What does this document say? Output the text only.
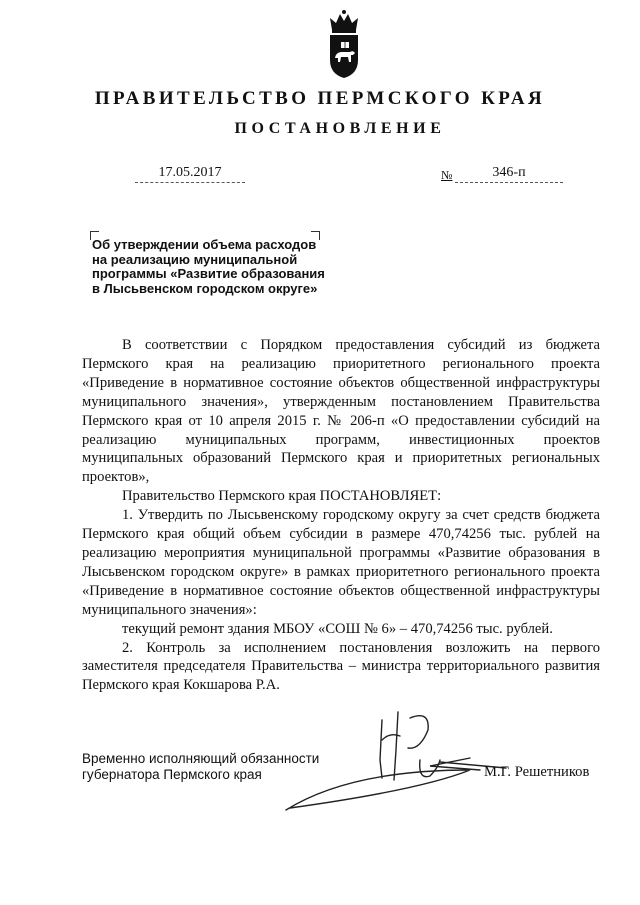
ПРАВИТЕЛЬСТВО ПЕРМСКОГО КРАЯ
ПОСТАНОВЛЕНИЕ
17.05.2017	№	346-п
Об утверждении объема расходов
на реализацию муниципальной
программы «Развитие образования
в Лысьвенском городском округе»

В соответствии с Порядком предоставления субсидий из бюджета Пермского края на реализацию приоритетного регионального проекта «Приведение в нормативное состояние объектов общественной инфраструктуры муниципального значения», утвержденным постановлением Правительства Пермского края от 10 апреля 2015 г. № 206-п «О предоставлении субсидий на реализацию муниципальных программ, инвестиционных проектов муниципальных образований Пермского края и приоритетных региональных проектов»,

Правительство Пермского края ПОСТАНОВЛЯЕТ:

1. Утвердить по Лысьвенскому городскому округу за счет средств бюджета Пермского края общий объем субсидии в размере 470,74256 тыс. рублей на реализацию мероприятия муниципальной программы «Развитие образования в Лысьвенском городском округе» в рамках приоритетного регионального проекта «Приведение в нормативное состояние объектов общественной инфраструктуры муниципального значения»:

текущий ремонт здания МБОУ «СОШ № 6» – 470,74256 тыс. рублей.

2. Контроль за исполнением постановления возложить на первого заместителя председателя Правительства – министра территориального развития Пермского края Кокшарова Р.А.

Временно исполняющий обязанности
губернатора Пермского края	М.Г. Решетников
